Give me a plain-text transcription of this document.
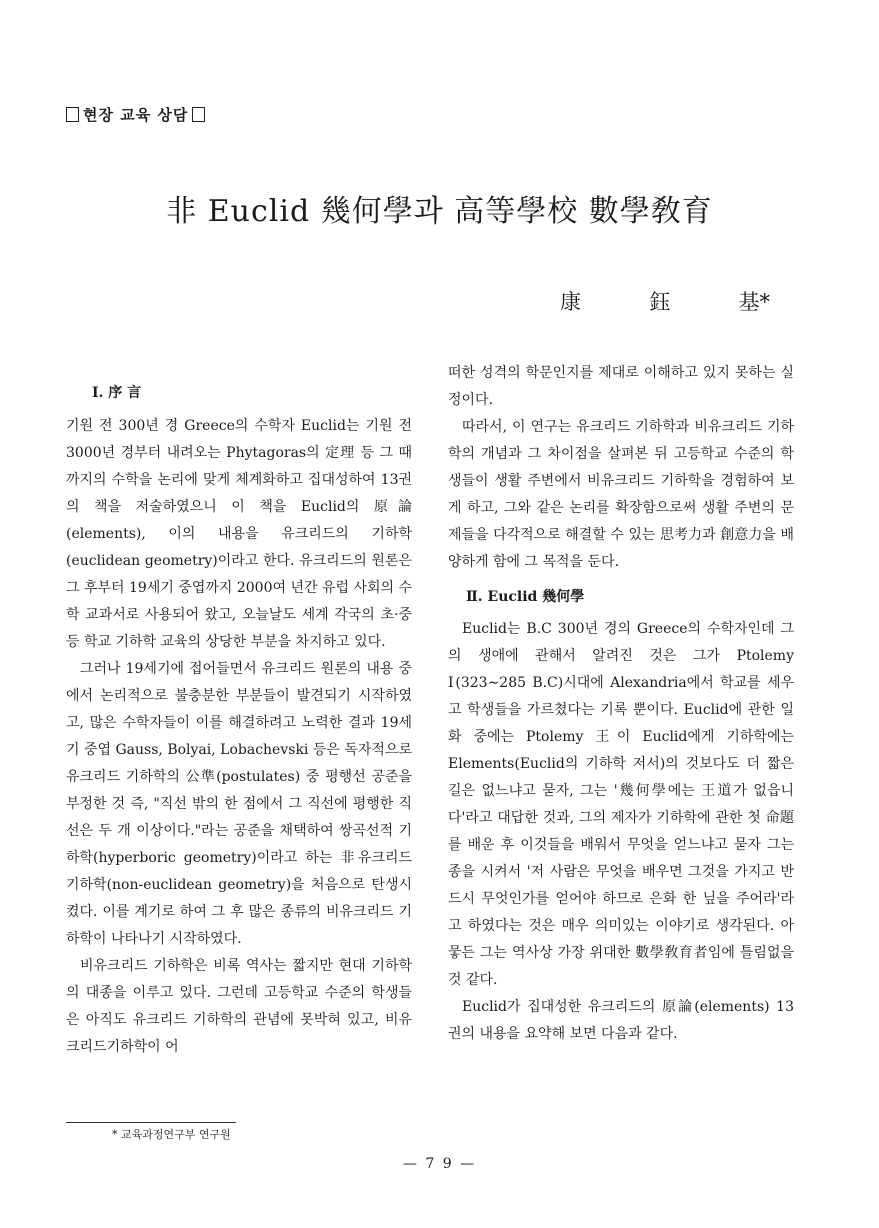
현장 교육 상담
非 Euclid 幾何學과 高等學校 數學敎育
康	鈺	基*
Ⅰ. 序 言

기원 전 300년 경 Greece의 수학자 Euclid는 기원 전 3000년 경부터 내려오는 Phytagoras의 定理 등 그 때까지의 수학을 논리에 맞게 체계화하고 집대성하여 13권의 책을 저술하였으니 이 책을 Euclid의 原論(elements), 이의 내용을 유크리드의 기하학(euclidean geometry)이라고 한다. 유크리드의 원론은 그 후부터 19세기 중엽까지 2000여 년간 유럽 사회의 수학 교과서로 사용되어 왔고, 오늘날도 세계 각국의 초·중등 학교 기하학 교육의 상당한 부분을 차지하고 있다.

그러나 19세기에 접어들면서 유크리드 원론의 내용 중에서 논리적으로 불충분한 부분들이 발견되기 시작하였고, 많은 수학자들이 이를 해결하려고 노력한 결과 19세기 중엽 Gauss, Bolyai, Lobachevski 등은 독자적으로 유크리드 기하학의 公準(postulates) 중 평행선 공준을 부정한 것 즉, "직선 밖의 한 점에서 그 직선에 평행한 직선은 두 개 이상이다."라는 공준을 채택하여 쌍곡선적 기하학(hyperboric geometry)이라고 하는 非유크리드 기하학(non-euclidean geometry)을 처음으로 탄생시켰다. 이를 계기로 하여 그 후 많은 종류의 비유크리드 기하학이 나타나기 시작하였다.

비유크리드 기하학은 비록 역사는 짧지만 현대 기하학의 대종을 이루고 있다. 그런데 고등학교 수준의 학생들은 아직도 유크리드 기하학의 관념에 못박혀 있고, 비유크리드기하학이 어

떠한 성격의 학문인지를 제대로 이해하고 있지 못하는 실정이다.

따라서, 이 연구는 유크리드 기하학과 비유크리드 기하학의 개념과 그 차이점을 살펴본 뒤 고등학교 수준의 학생들이 생활 주변에서 비유크리드 기하학을 경험하여 보게 하고, 그와 같은 논리를 확장함으로써 생활 주변의 문제들을 다각적으로 해결할 수 있는 思考力과 創意力을 배양하게 함에 그 목적을 둔다.

Ⅱ. Euclid 幾何學

Euclid는 B.C 300년 경의 Greece의 수학자인데 그의 생애에 관해서 알려진 것은 그가 Ptolemy Ⅰ(323∼285 B.C)시대에 Alexandria에서 학교를 세우고 학생들을 가르쳤다는 기록 뿐이다. Euclid에 관한 일화 중에는 Ptolemy 王이 Euclid에게 기하학에는 Elements(Euclid의 기하학 저서)의 것보다도 더 짧은 길은 없느냐고 묻자, 그는 '幾何學에는 王道가 없읍니다'라고 대답한 것과, 그의 제자가 기하학에 관한 첫 命題를 배운 후 이것들을 배워서 무엇을 얻느냐고 묻자 그는 종을 시켜서 '저 사람은 무엇을 배우면 그것을 가지고 반드시 무엇인가를 얻어야 하므로 은화 한 닢을 주어라'라고 하였다는 것은 매우 의미있는 이야기로 생각된다. 아뭏든 그는 역사상 가장 위대한 數學敎育者임에 틀림없을 것 같다.

Euclid가 집대성한 유크리드의 原論(elements) 13권의 내용을 요약해 보면 다음과 같다.

* 교육과정연구부 연구원
— 7 9 —
